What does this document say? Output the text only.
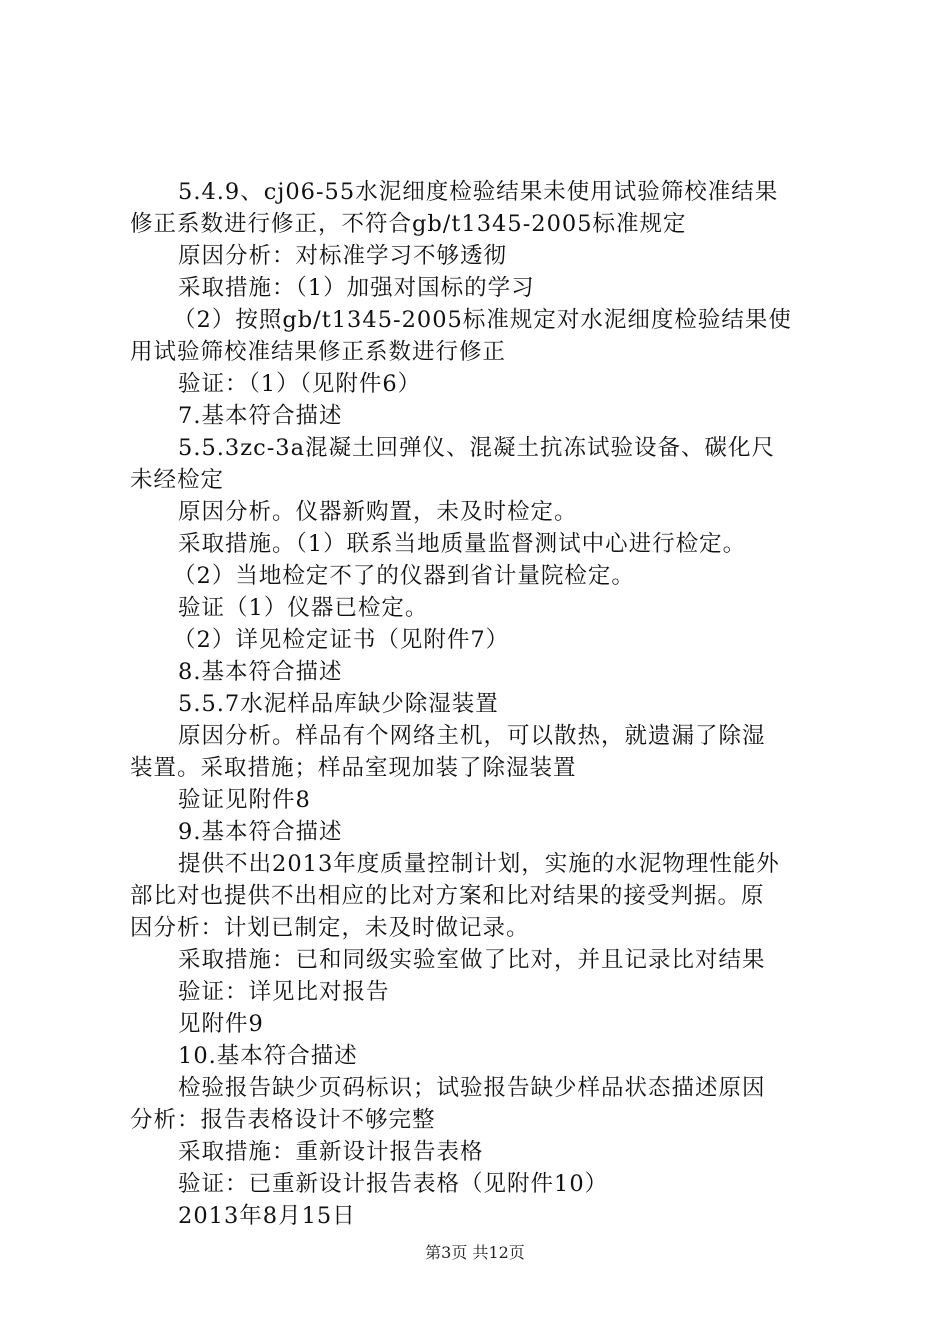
5.4.9、cj06-55水泥细度检验结果未使用试验筛校准结果
修正系数进行修正，不符合gb/t1345-2005标准规定
原因分析：对标准学习不够透彻
采取措施：（1）加强对国标的学习
（2）按照gb/t1345-2005标准规定对水泥细度检验结果使
用试验筛校准结果修正系数进行修正
验证：（1）（见附件6）
7.基本符合描述
5.5.3zc-3a混凝土回弹仪、混凝土抗冻试验设备、碳化尺
未经检定
原因分析。仪器新购置，未及时检定。
采取措施。（1）联系当地质量监督测试中心进行检定。
（2）当地检定不了的仪器到省计量院检定。
验证（1）仪器已检定。
（2）详见检定证书（见附件7）
8.基本符合描述
5.5.7水泥样品库缺少除湿装置
原因分析。样品有个网络主机，可以散热，就遗漏了除湿
装置。采取措施；样品室现加装了除湿装置
验证见附件8
9.基本符合描述
提供不出2013年度质量控制计划，实施的水泥物理性能外
部比对也提供不出相应的比对方案和比对结果的接受判据。原
因分析：计划已制定，未及时做记录。
采取措施：已和同级实验室做了比对，并且记录比对结果
验证：详见比对报告
见附件9
10.基本符合描述
检验报告缺少页码标识；试验报告缺少样品状态描述原因
分析：报告表格设计不够完整
采取措施：重新设计报告表格
验证：已重新设计报告表格（见附件10）
2013年8月15日
第3页 共12页
